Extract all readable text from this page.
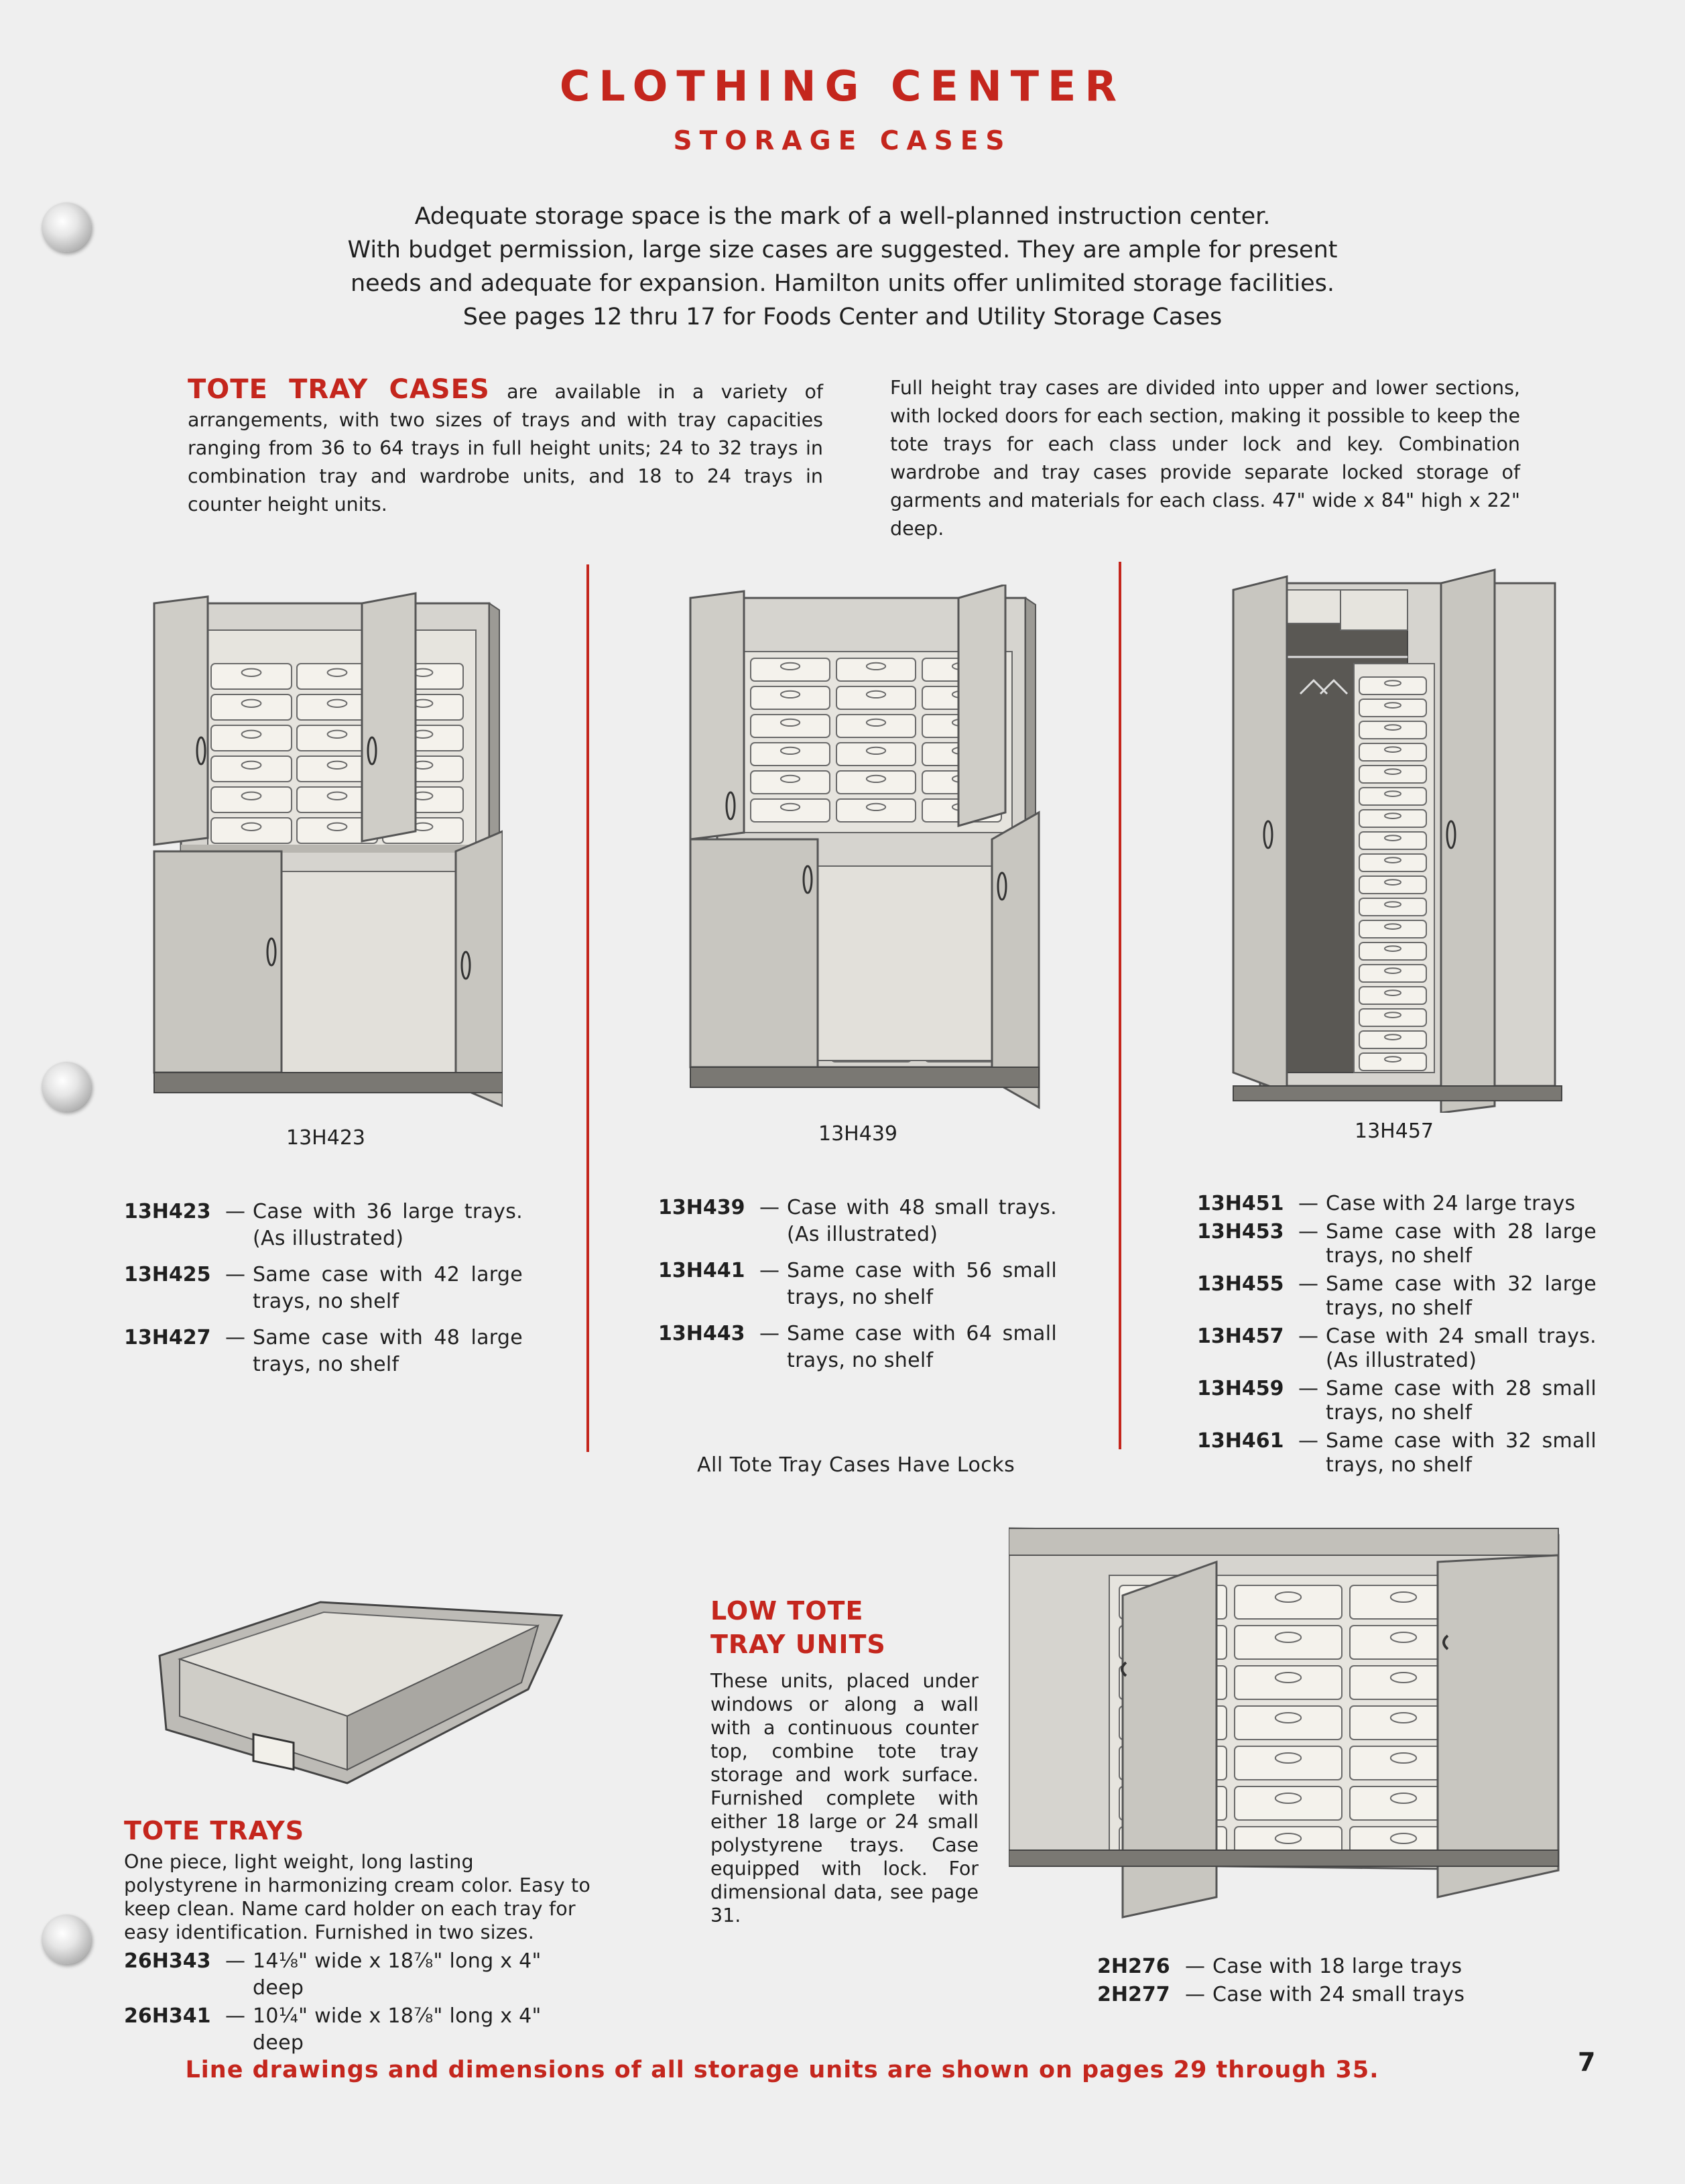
CLOTHING CENTER
STORAGE CASES
Adequate storage space is the mark of a well-planned instruction center.
With budget permission, large size cases are suggested. They are ample for present
needs and adequate for expansion. Hamilton units offer unlimited storage facilities.
See pages 12 thru 17 for Foods Center and Utility Storage Cases
TOTE TRAY CASES are available in a variety of arrangements, with two sizes of trays and with tray capacities ranging from 36 to 64 trays in full height units; 24 to 32 trays in combination tray and wardrobe units, and 18 to 24 trays in counter height units.
Full height tray cases are divided into upper and lower sections, with locked doors for each section, making it possible to keep the tote trays for each class under lock and key. Combination wardrobe and tray cases provide separate locked storage of garments and materials for each class. 47" wide x 84" high x 22" deep.
13H423	13H439	13H457
13H423 — Case with 36 large trays. (As illustrated)
13H425 — Same case with 42 large trays, no shelf
13H427 — Same case with 48 large trays, no shelf
13H439 — Case with 48 small trays. (As illustrated)
13H441 — Same case with 56 small trays, no shelf
13H443 — Same case with 64 small trays, no shelf
All Tote Tray Cases Have Locks
13H451 — Case with 24 large trays
13H453 — Same case with 28 large trays, no shelf
13H455 — Same case with 32 large trays, no shelf
13H457 — Case with 24 small trays. (As illustrated)
13H459 — Same case with 28 small trays, no shelf
13H461 — Same case with 32 small trays, no shelf
TOTE TRAYS
One piece, light weight, long lasting polystyrene in harmonizing cream color. Easy to keep clean. Name card holder on each tray for easy identification. Furnished in two sizes.
26H343 — 14⅛" wide x 18⅞" long x 4" deep
26H341 — 10¼" wide x 18⅞" long x 4" deep
LOW TOTE
TRAY UNITS
These units, placed under windows or along a wall with a continuous counter top, combine tote tray storage and work surface. Furnished complete with either 18 large or 24 small polystyrene trays. Case equipped with lock. For dimensional data, see page 31.
2H276 — Case with 18 large trays
2H277 — Case with 24 small trays
Line drawings and dimensions of all storage units are shown on pages 29 through 35.	7
